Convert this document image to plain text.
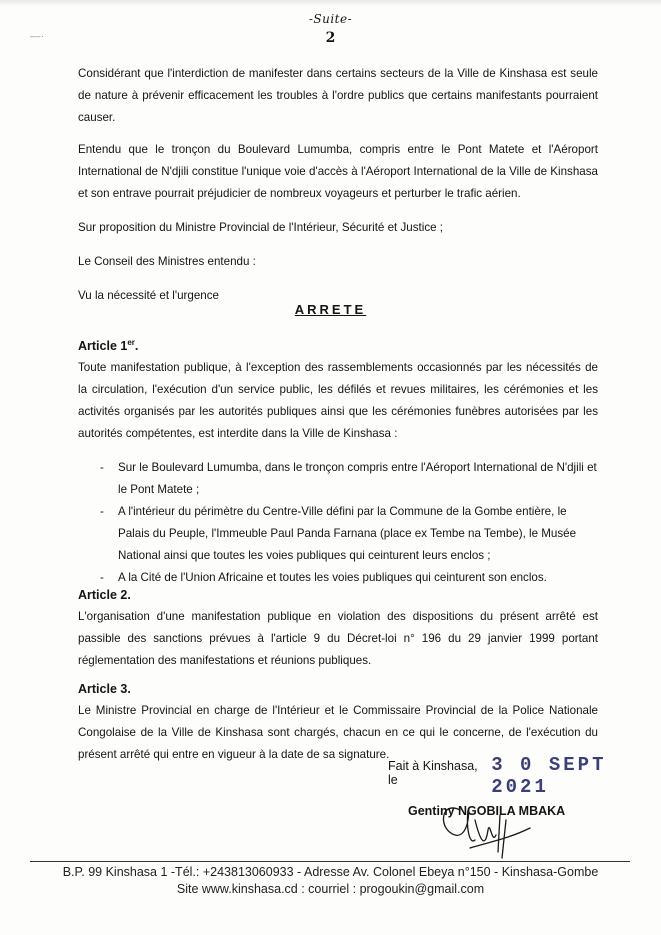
– – ·
-Suite-
2

Considérant que l'interdiction de manifester dans certains secteurs de la Ville de Kinshasa est seule de nature à prévenir efficacement les troubles à l'ordre publics que certains manifestants pourraient causer.

Entendu que le tronçon du Boulevard Lumumba, compris entre le Pont Matete et l'Aéroport International de N'djili constitue l'unique voie d'accès à l'Aéroport International de la Ville de Kinshasa et son entrave pourrait préjudicier de nombreux voyageurs et perturber le trafic aérien.

Sur proposition du Ministre Provincial de l'Intérieur, Sécurité et Justice ;

Le Conseil des Ministres entendu :

Vu la nécessité et l'urgence

ARRETE
Article 1er.

Toute manifestation publique, à l'exception des rassemblements occasionnés par les nécessités de la circulation, l'exécution d'un service public, les défilés et revues militaires, les cérémonies et les activités organisés par les autorités publiques ainsi que les cérémonies funèbres autorisées par les autorités compétentes, est interdite dans la Ville de Kinshasa :

- Sur le Boulevard Lumumba, dans le tronçon compris entre l'Aéroport International de N'djili et le Pont Matete ;
- A l'intérieur du périmètre du Centre-Ville défini par la Commune de la Gombe entière, le Palais du Peuple, l'Immeuble Paul Panda Farnana (place ex Tembe na Tembe), le Musée National ainsi que toutes les voies publiques qui ceinturent leurs enclos ;
- A la Cité de l'Union Africaine et toutes les voies publiques qui ceinturent son enclos.
Article 2.

L'organisation d'une manifestation publique en violation des dispositions du présent arrêté est passible des sanctions prévues à l'article 9 du Décret-loi n° 196 du 29 janvier 1999 portant réglementation des manifestations et réunions publiques.

Article 3.

Le Ministre Provincial en charge de l'Intérieur et le Commissaire Provincial de la Police Nationale Congolaise de la Ville de Kinshasa sont chargés, chacun en ce qui le concerne, de l'exécution du présent arrêté qui entre en vigueur à la date de sa signature.

Fait à Kinshasa, le
3 0 SEPT 2021
Gentiny NGOBILA MBAKA
B.P. 99 Kinshasa 1 -Tél.: +243813060933 - Adresse Av. Colonel Ebeya n°150 - Kinshasa-Gombe
Site www.kinshasa.cd : courriel : progoukin@gmail.com
